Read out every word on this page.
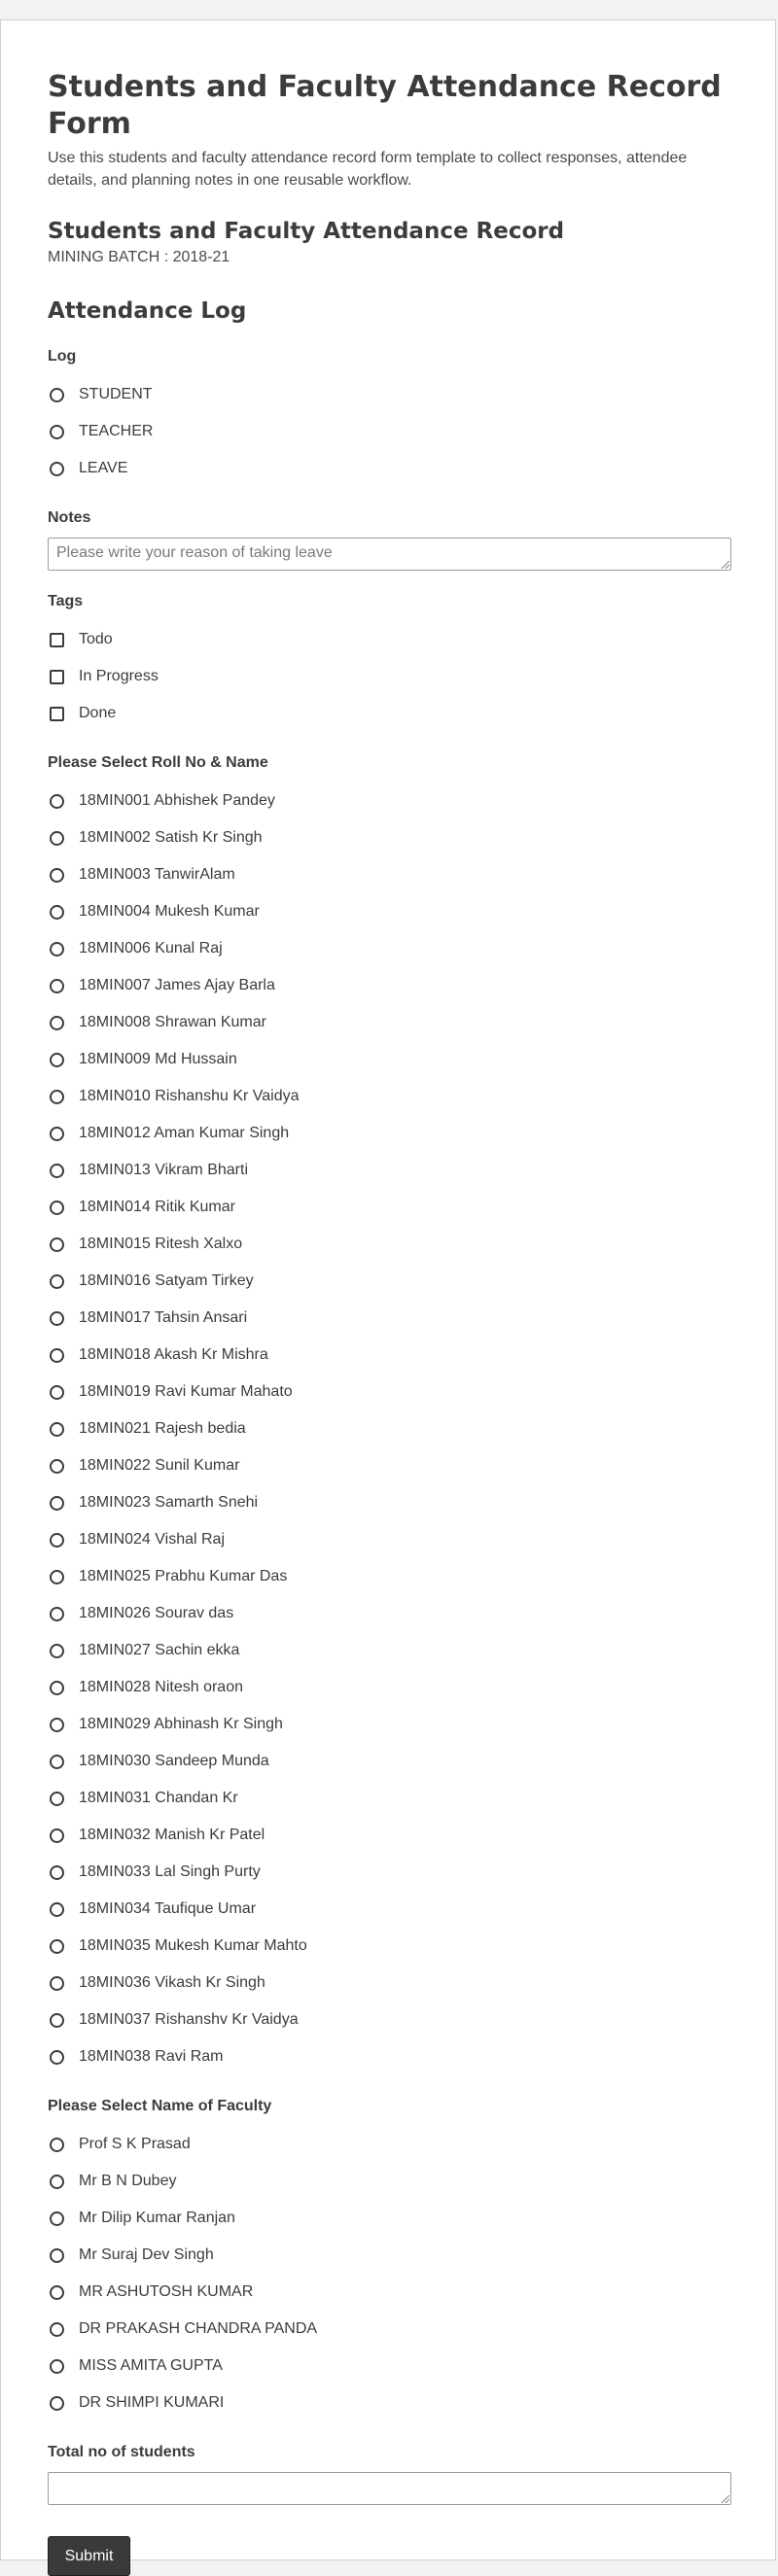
Students and Faculty Attendance Record Form

Use this students and faculty attendance record form template to collect responses, attendee details, and planning notes in one reusable workflow.

Students and Faculty Attendance Record

MINING BATCH : 2018-21

Attendance Log
Log
STUDENT
TEACHER
LEAVE
Notes
Please write your reason of taking leave
Tags
Todo
In Progress
Done
Please Select Roll No & Name
18MIN001 Abhishek Pandey
18MIN002 Satish Kr Singh
18MIN003 TanwirAlam
18MIN004 Mukesh Kumar
18MIN006 Kunal Raj
18MIN007 James Ajay Barla
18MIN008 Shrawan Kumar
18MIN009 Md Hussain
18MIN010 Rishanshu Kr Vaidya
18MIN012 Aman Kumar Singh
18MIN013 Vikram Bharti
18MIN014 Ritik Kumar
18MIN015 Ritesh Xalxo
18MIN016 Satyam Tirkey
18MIN017 Tahsin Ansari
18MIN018 Akash Kr Mishra
18MIN019 Ravi Kumar Mahato
18MIN021 Rajesh bedia
18MIN022 Sunil Kumar
18MIN023 Samarth Snehi
18MIN024 Vishal Raj
18MIN025 Prabhu Kumar Das
18MIN026 Sourav das
18MIN027 Sachin ekka
18MIN028 Nitesh oraon
18MIN029 Abhinash Kr Singh
18MIN030 Sandeep Munda
18MIN031 Chandan Kr
18MIN032 Manish Kr Patel
18MIN033 Lal Singh Purty
18MIN034 Taufique Umar
18MIN035 Mukesh Kumar Mahto
18MIN036 Vikash Kr Singh
18MIN037 Rishanshv Kr Vaidya
18MIN038 Ravi Ram
Please Select Name of Faculty
Prof S K Prasad
Mr B N Dubey
Mr Dilip Kumar Ranjan
Mr Suraj Dev Singh
MR ASHUTOSH KUMAR
DR PRAKASH CHANDRA PANDA
MISS AMITA GUPTA
DR SHIMPI KUMARI
Total no of students
Submit
